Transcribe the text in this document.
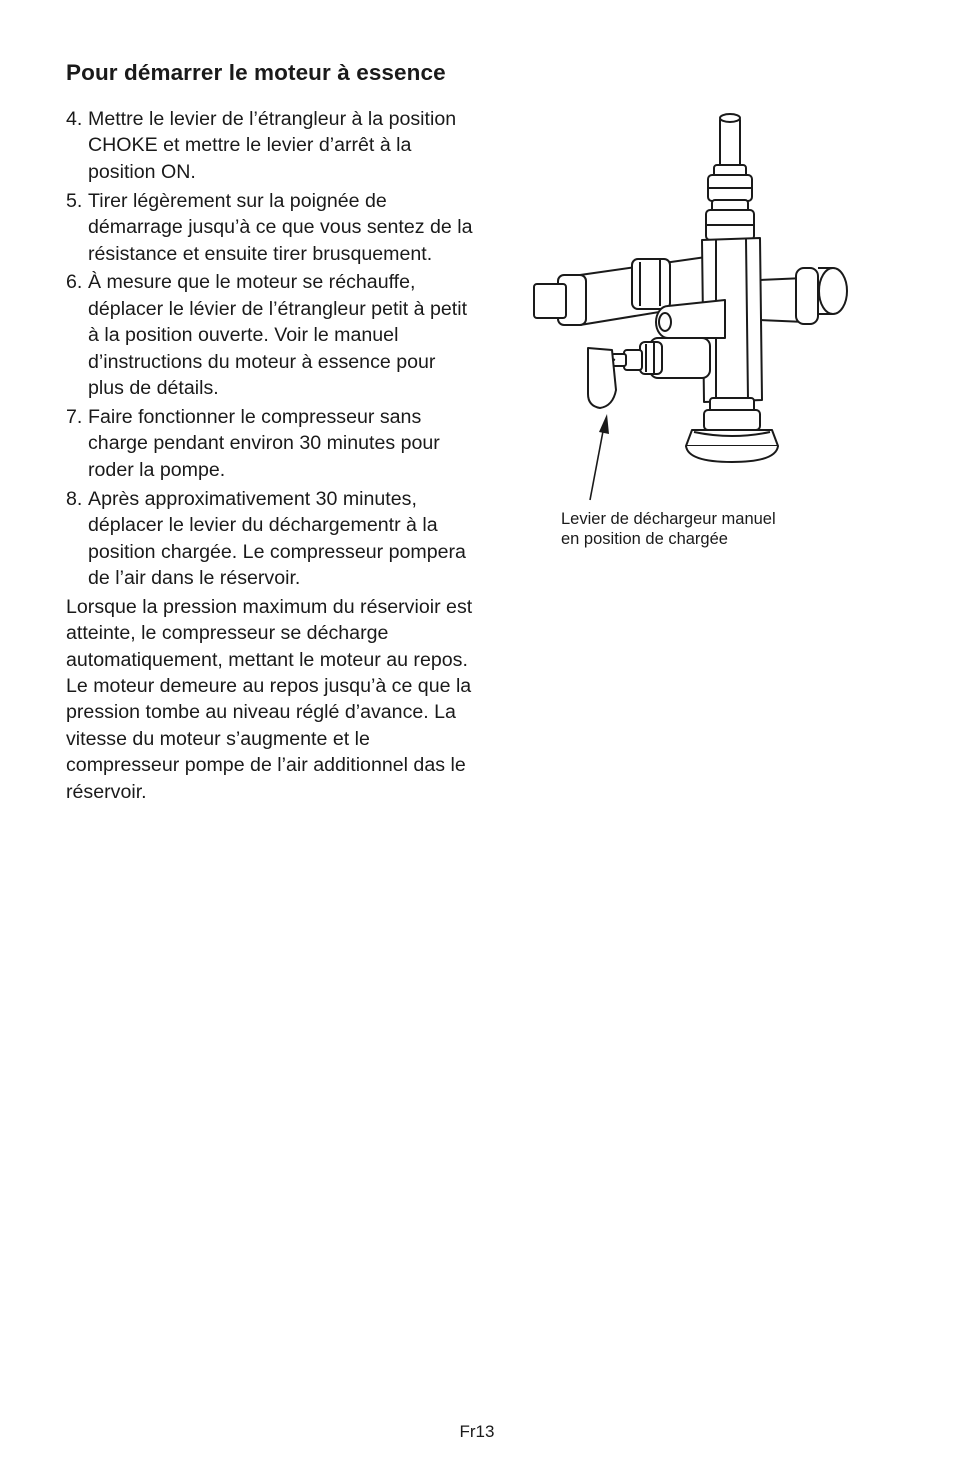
Pour démarrer le moteur à essence
4. Mettre le levier de l’étrangleur à la position CHOKE et mettre le levier d’arrêt à la position ON.
5. Tirer légèrement sur la poignée de démarrage jusqu’à ce que vous sentez de la résistance et ensuite tirer brusquement.
6. À mesure que le moteur se réchauffe, déplacer le lévier de l’étrangleur petit à petit à la position ouverte. Voir le manuel d’instructions du moteur à essence pour plus de détails.
7. Faire fonctionner le compresseur sans charge pendant environ 30 minutes pour roder la pompe.
8. Après approximativement 30 minutes, déplacer le levier du déchargementr à la position chargée. Le compresseur pompera de l’air dans le réservoir.

Lorsque la pression maximum du réservioir est atteinte, le compresseur se décharge automatiquement, mettant le moteur au repos. Le moteur demeure au repos jusqu’à ce que la pression tombe au niveau réglé d’avance. La vitesse du moteur s’augmente et le compresseur pompe de l’air additionnel das le réservoir.

Levier de déchargeur manuel
en position de chargée
Fr13
